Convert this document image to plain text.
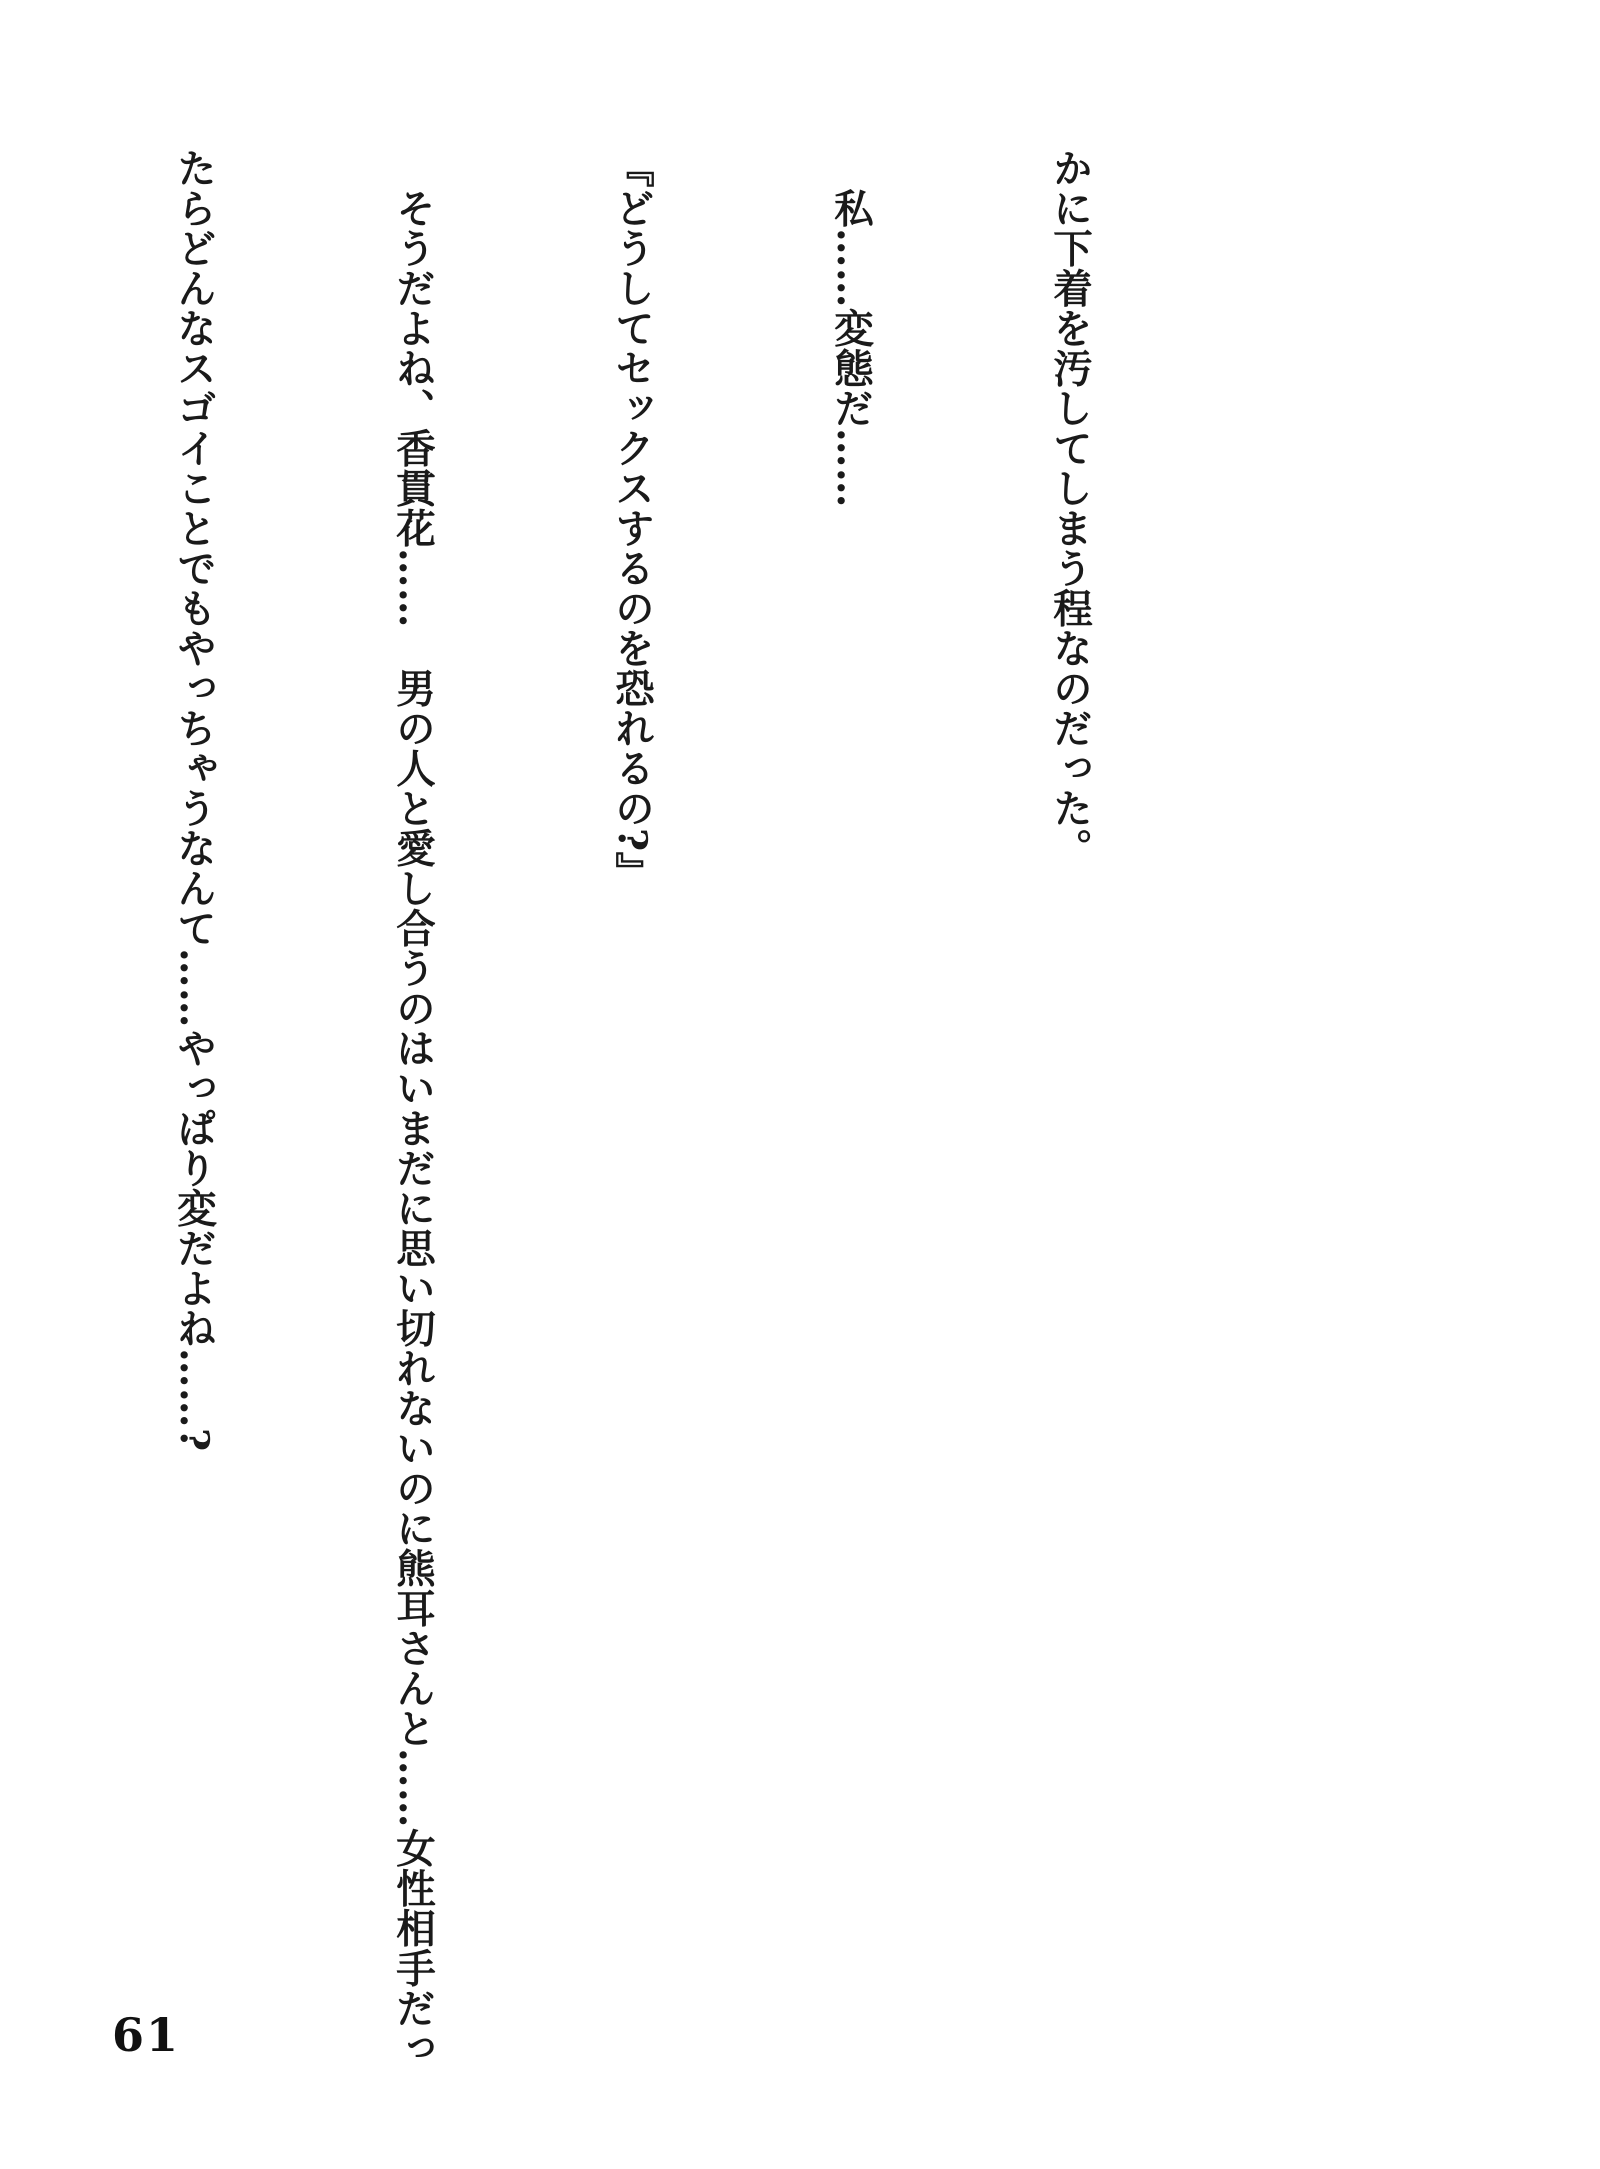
かに下着を汚してしまう程なのだった。

　私……変態だ……

『どうしてセックスするのを恐れるの?』

　そうだよね、香貫花……　男の人と愛し合うのはいまだに思い切れないのに熊耳さんと……女性相手だっ

たらどんなスゴイことでもやっちゃうなんて……やっぱり変だよね……?

61
